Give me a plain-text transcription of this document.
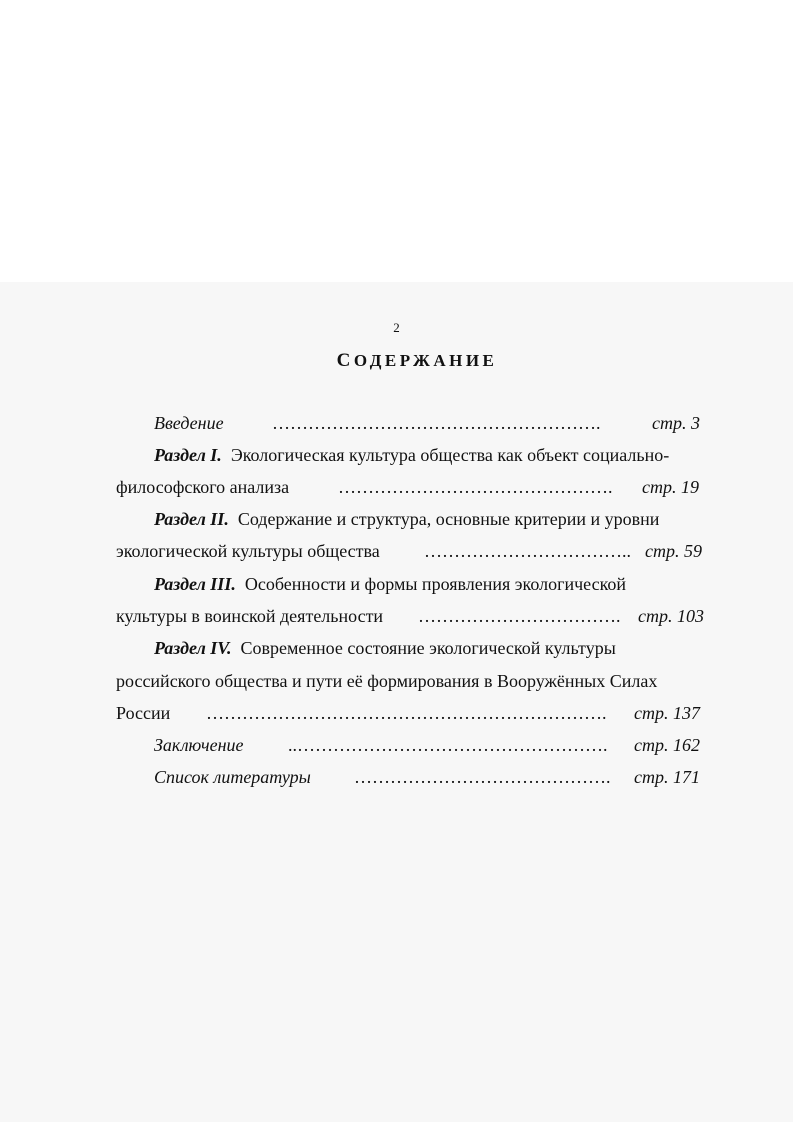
2
СОДЕРЖАНИЕ
Введение	……………………………………………….	стр. 3
Раздел I. Экологическая культура общества как объект социально-
философского анализа	………………………………………. стр. 19
Раздел II. Содержание и структура, основные критерии и уровни
экологической культуры общества …………………………….. стр. 59
Раздел III. Особенности и формы проявления экологической
культуры в воинской деятельности ……………………………. стр. 103
Раздел IV. Современное состояние экологической культуры
российского общества и пути её формирования в Вооружённых Силах
России …………………………………………………………. стр. 137
Заключение ..……………………………………………. стр. 162
Список литературы ……………………………………. стр. 171
